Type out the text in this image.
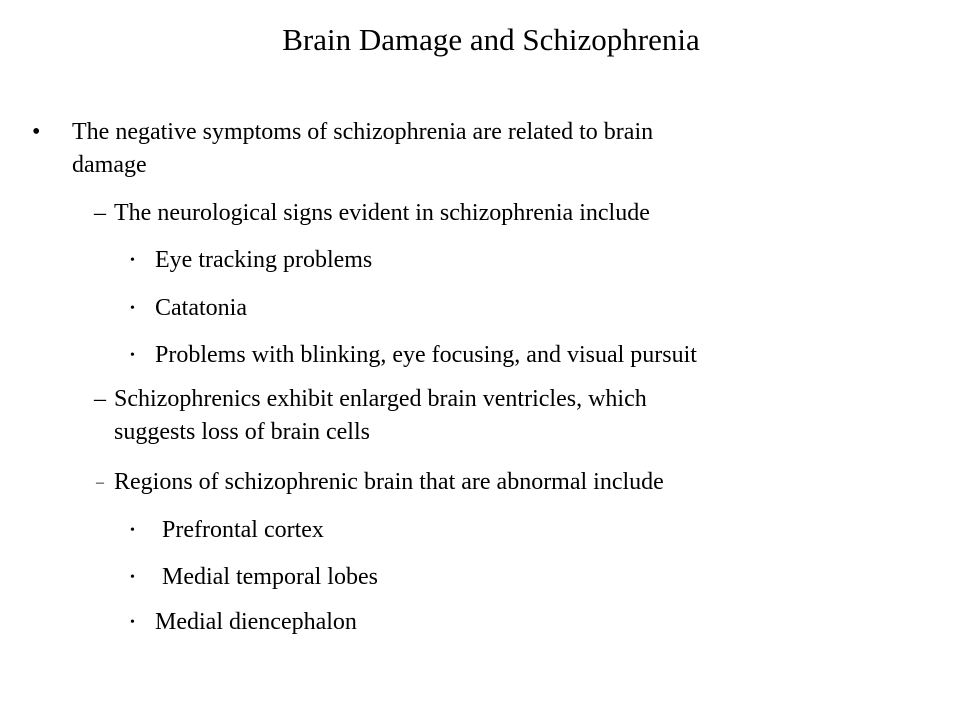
Brain Damage and Schizophrenia
• The negative symptoms of schizophrenia are related to brain
damage
– The neurological signs evident in schizophrenia include
• Eye tracking problems
• Catatonia
• Problems with blinking, eye focusing, and visual pursuit
– Schizophrenics exhibit enlarged brain ventricles, which
suggests loss of brain cells
– Regions of schizophrenic brain that are abnormal include
• Prefrontal cortex
• Medial temporal lobes
• Medial diencephalon
